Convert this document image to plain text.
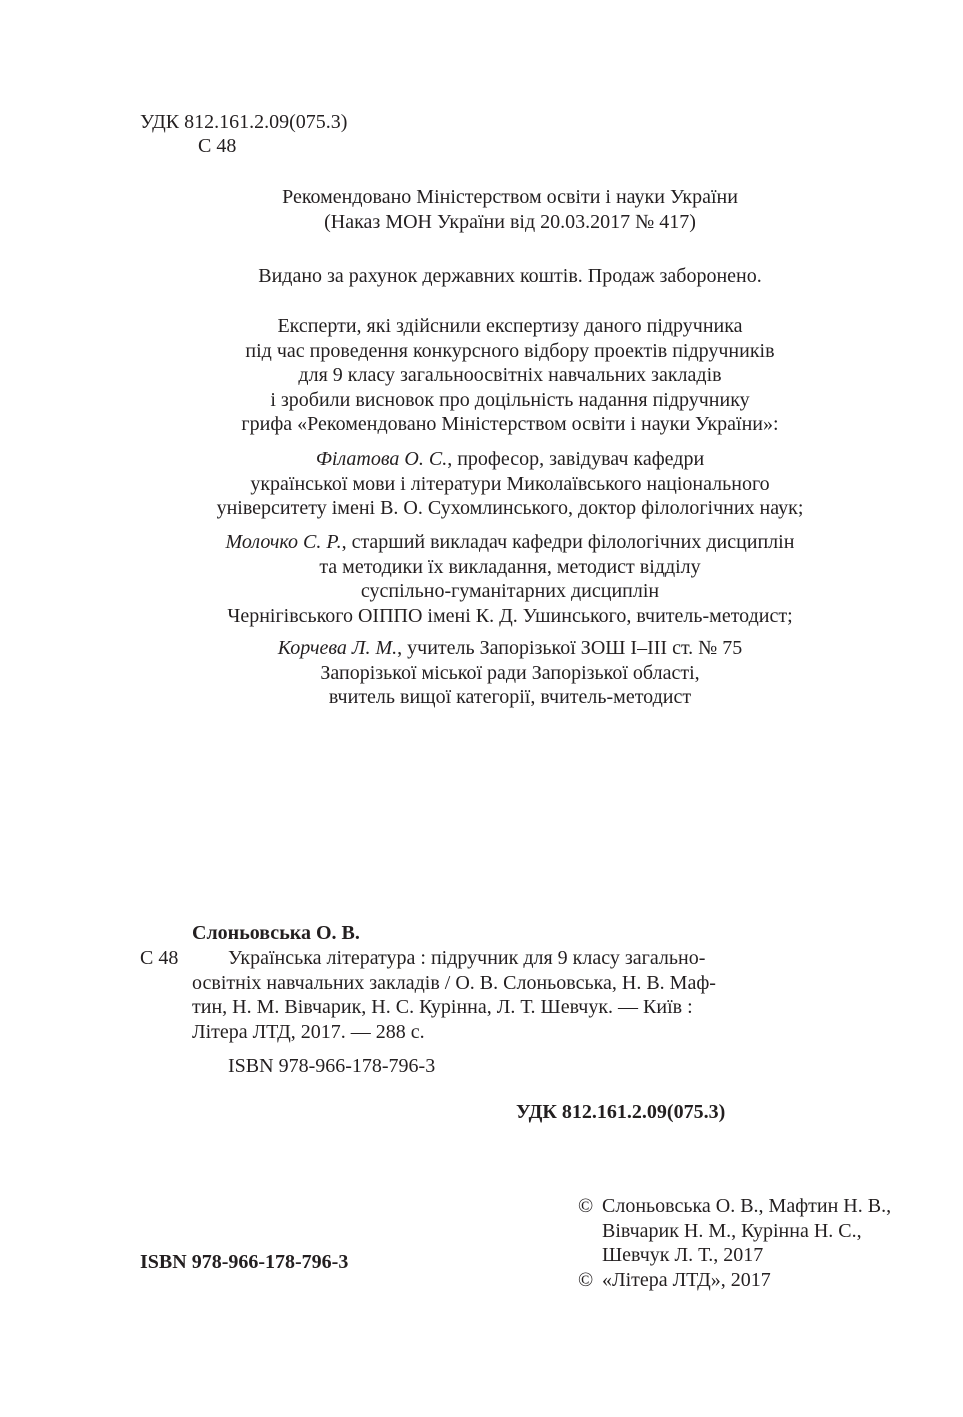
УДК 812.161.2.09(075.3)
С 48
Рекомендовано Міністерством освіти і науки України
(Наказ МОН України від 20.03.2017 № 417)
Видано за рахунок державних коштів. Продаж заборонено.
Експерти, які здійснили експертизу даного підручника
під час проведення конкурсного відбору проектів підручників
для 9 класу загальноосвітніх навчальних закладів
і зробили висновок про доцільність надання підручнику
грифа «Рекомендовано Міністерством освіти і науки України»:
Філатова О. С., професор, завідувач кафедри
української мови і літератури Миколаївського національного
університету імені В. О. Сухомлинського, доктор філологічних наук;
Молочко С. Р., старший викладач кафедри філологічних дисциплін
та методики їх викладання, методист відділу
суспільно-гуманітарних дисциплін
Чернігівського ОІППО імені К. Д. Ушинського, вчитель-методист;
Корчева Л. М., учитель Запорізької ЗОШ І–ІІІ ст. № 75
Запорізької міської ради Запорізької області,
вчитель вищої категорії, вчитель-методист
Слоньовська О. В.
С 48	Українська література : підручник для 9 класу загально-
освітніх навчальних закладів / О. В. Слоньовська, Н. В. Маф-
тин, Н. М. Вівчарик, Н. С. Курінна, Л. Т. Шевчук. — Київ :
Літера ЛТД, 2017. — 288 с.
ISBN 978-966-178-796-3
УДК 812.161.2.09(075.3)
ISBN 978-966-178-796-3
© Слоньовська О. В., Мафтин Н. В.,
Вівчарик Н. М., Курінна Н. С.,
Шевчук Л. Т., 2017
© «Літера ЛТД», 2017
